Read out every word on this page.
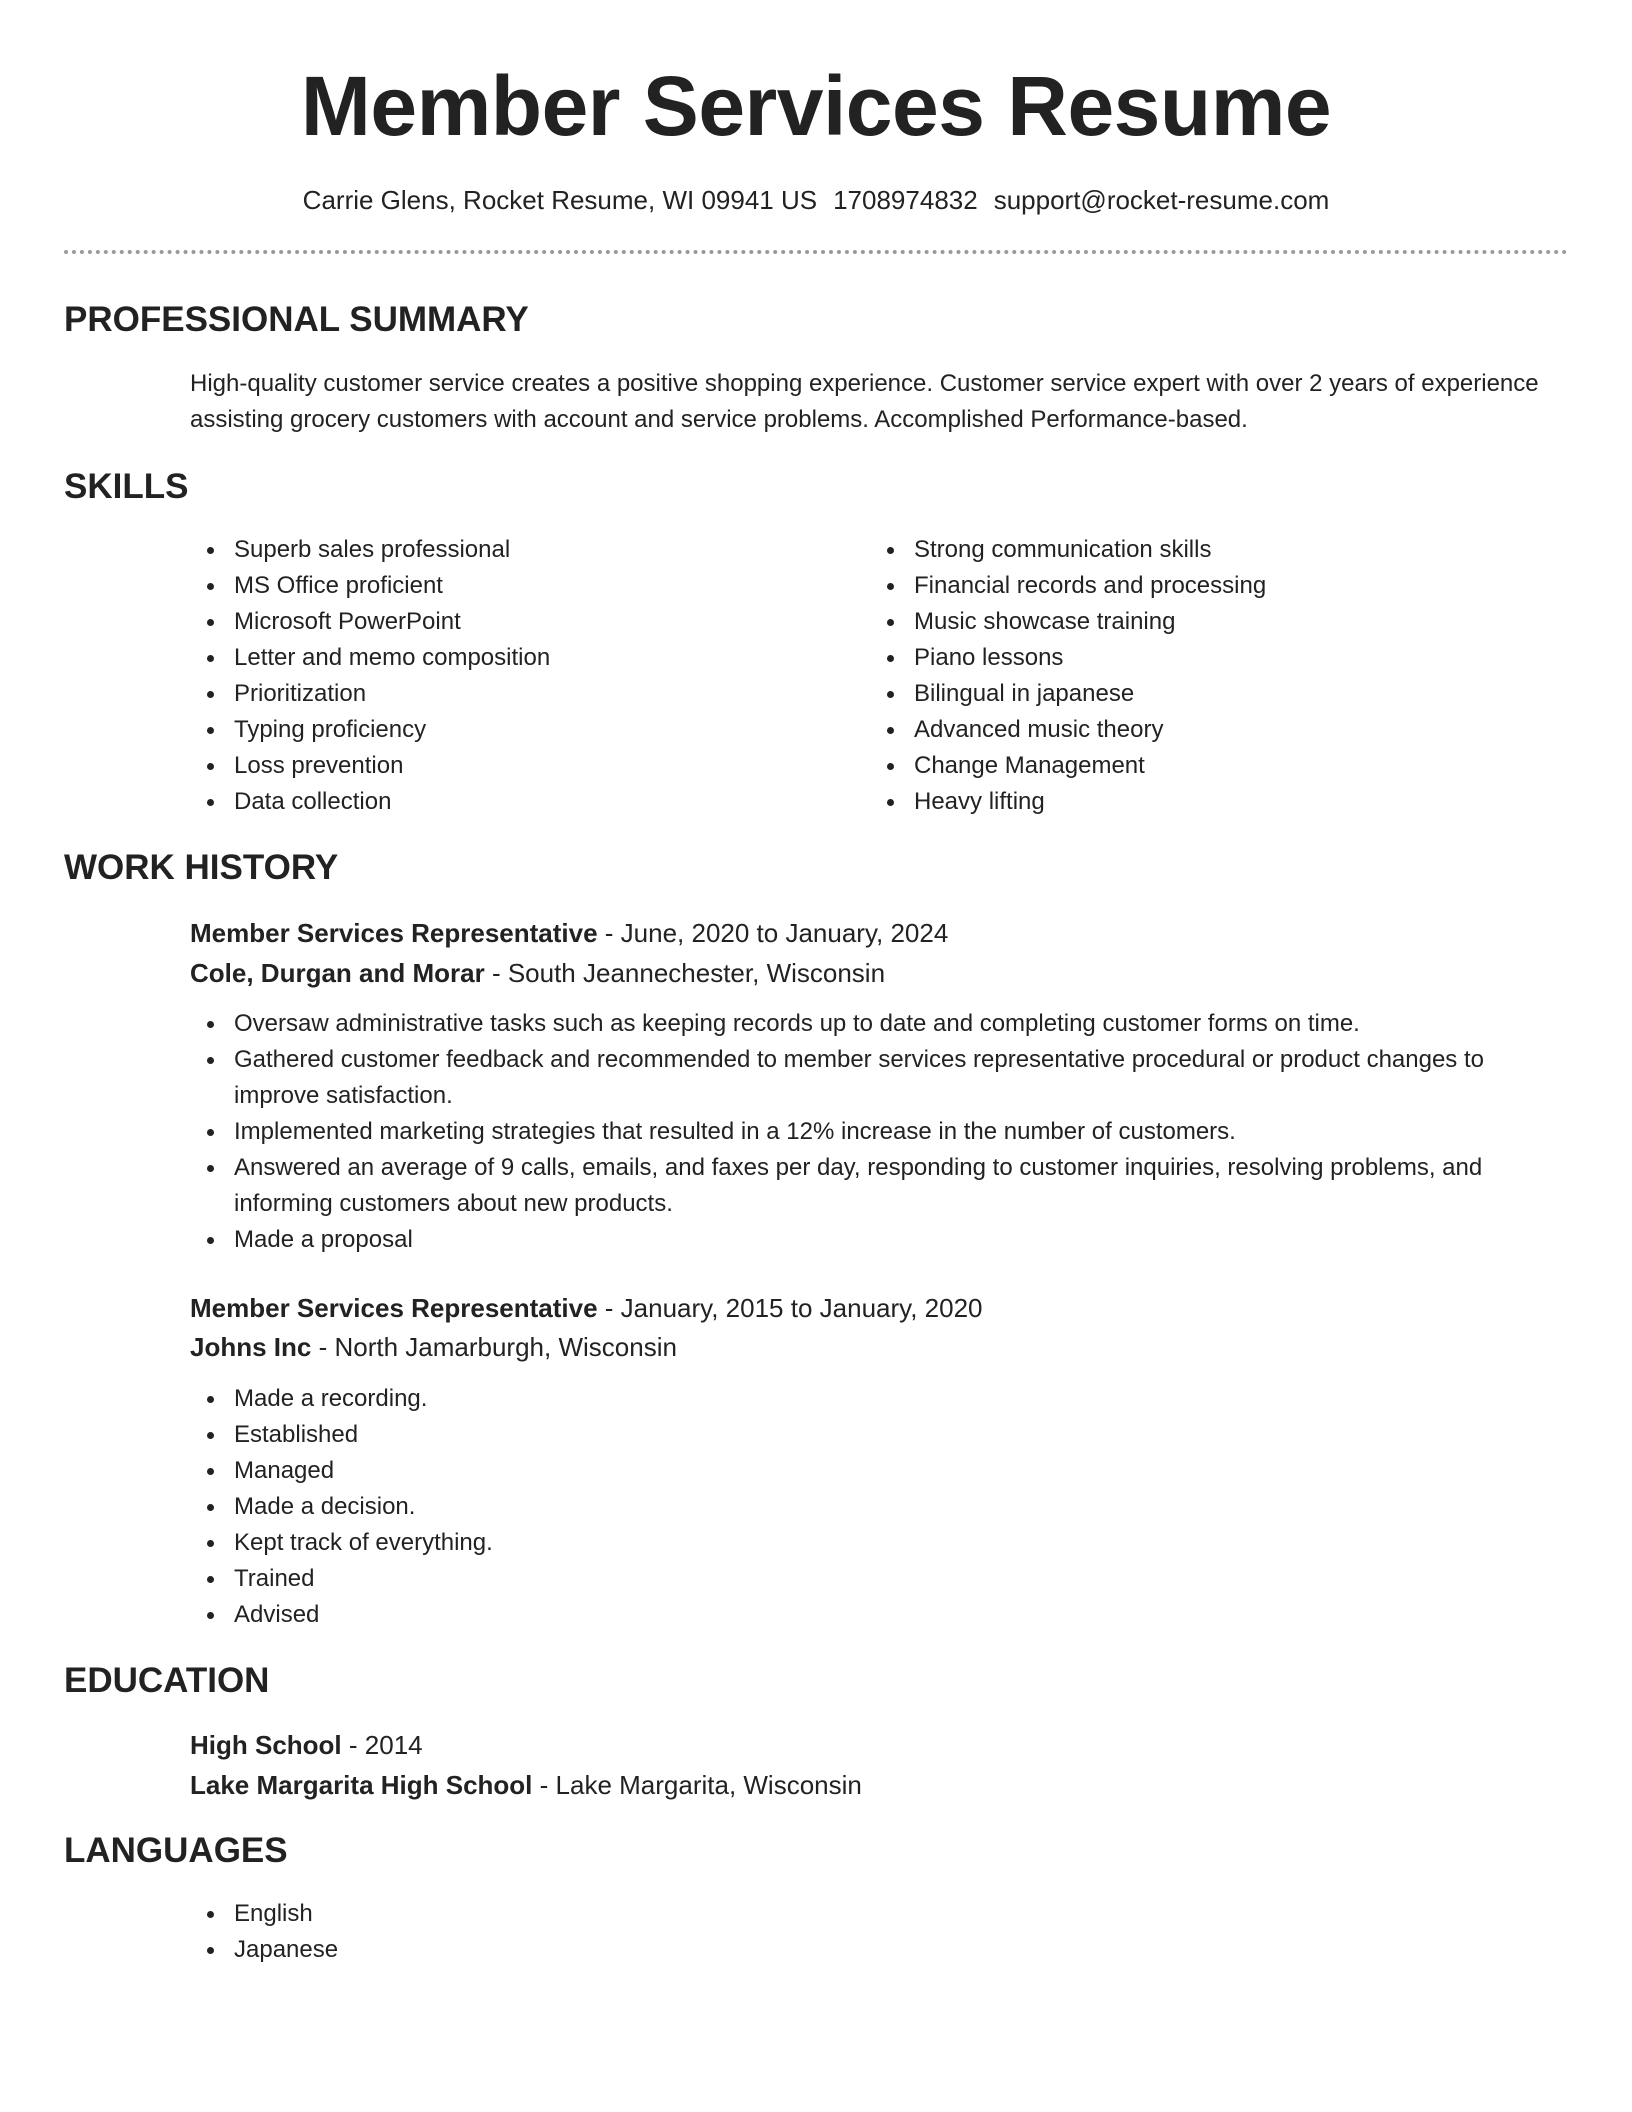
Member Services Resume
Carrie Glens, Rocket Resume, WI 09941 US 1708974832 support@rocket-resume.com
PROFESSIONAL SUMMARY
High-quality customer service creates a positive shopping experience. Customer service expert with over 2 years of experience assisting grocery customers with account and service problems. Accomplished Performance-based.
SKILLS
Superb sales professional
MS Office proficient
Microsoft PowerPoint
Letter and memo composition
Prioritization
Typing proficiency
Loss prevention
Data collection
Strong communication skills
Financial records and processing
Music showcase training
Piano lessons
Bilingual in japanese
Advanced music theory
Change Management
Heavy lifting
WORK HISTORY
Member Services Representative - June, 2020 to January, 2024
Cole, Durgan and Morar - South Jeannechester, Wisconsin
Oversaw administrative tasks such as keeping records up to date and completing customer forms on time.
Gathered customer feedback and recommended to member services representative procedural or product changes to improve satisfaction.
Implemented marketing strategies that resulted in a 12% increase in the number of customers.
Answered an average of 9 calls, emails, and faxes per day, responding to customer inquiries, resolving problems, and informing customers about new products.
Made a proposal
Member Services Representative - January, 2015 to January, 2020
Johns Inc - North Jamarburgh, Wisconsin
Made a recording.
Established
Managed
Made a decision.
Kept track of everything.
Trained
Advised
EDUCATION
High School - 2014
Lake Margarita High School - Lake Margarita, Wisconsin
LANGUAGES
English
Japanese
